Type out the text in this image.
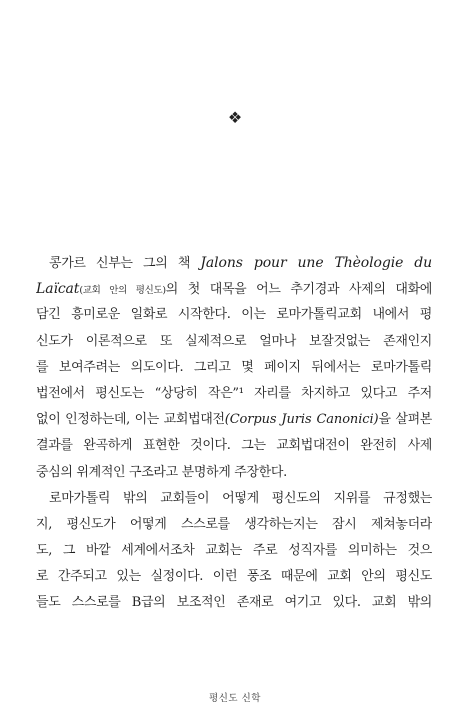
❖
콩가르 신부는 그의 책 Jalons pour une Thèologie du
Laïcat(교회 안의 평신도)의 첫 대목을 어느 추기경과 사제의 대화에
담긴 흥미로운 일화로 시작한다. 이는 로마가톨릭교회 내에서 평
신도가 이론적으로 또 실제적으로 얼마나 보잘것없는 존재인지
를 보여주려는 의도이다. 그리고 몇 페이지 뒤에서는 로마가톨릭
법전에서 평신도는 “상당히 작은”¹ 자리를 차지하고 있다고 주저
없이 인정하는데, 이는 교회법대전(Corpus Juris Canonici)을 살펴본
결과를 완곡하게 표현한 것이다. 그는 교회법대전이 완전히 사제
중심의 위계적인 구조라고 분명하게 주장한다.
로마가톨릭 밖의 교회들이 어떻게 평신도의 지위를 규정했는
지, 평신도가 어떻게 스스로를 생각하는지는 잠시 제쳐놓더라
도, 그 바깥 세계에서조차 교회는 주로 성직자를 의미하는 것으
로 간주되고 있는 실정이다. 이런 풍조 때문에 교회 안의 평신도
들도 스스로를 B급의 보조적인 존재로 여기고 있다. 교회 밖의
평신도 신학
